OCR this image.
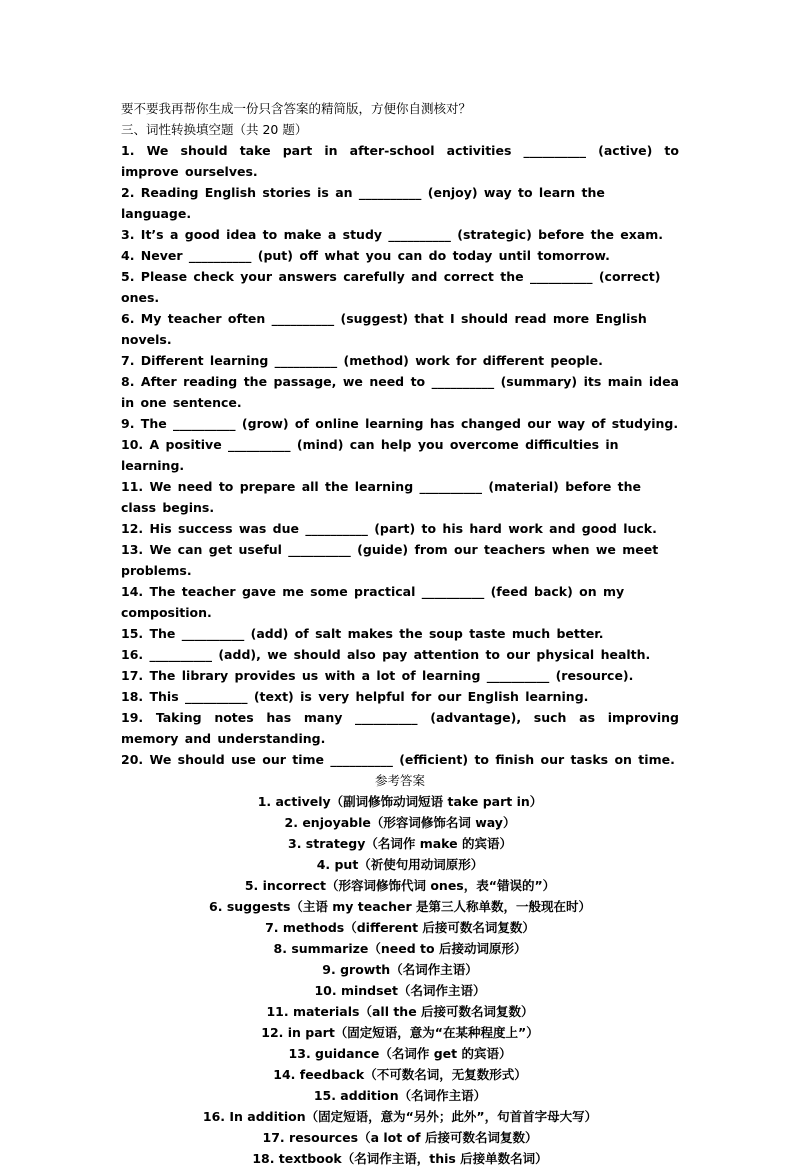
要不要我再帮你生成一份只含答案的精简版，方便你自测核对？
三、词性转换填空题（共 20 题）
1. We should take part in after-school activities __________ (active) to improve ourselves.
2. Reading English stories is an __________ (enjoy) way to learn the language.
3. It’s a good idea to make a study __________ (strategic) before the exam.
4. Never __________ (put) off what you can do today until tomorrow.
5. Please check your answers carefully and correct the __________ (correct) ones.
6. My teacher often __________ (suggest) that I should read more English novels.
7. Different learning __________ (method) work for different people.
8. After reading the passage, we need to __________ (summary) its main idea in one sentence.
9. The __________ (grow) of online learning has changed our way of studying.
10. A positive __________ (mind) can help you overcome difficulties in learning.
11. We need to prepare all the learning __________ (material) before the class begins.
12. His success was due __________ (part) to his hard work and good luck.
13. We can get useful __________ (guide) from our teachers when we meet problems.
14. The teacher gave me some practical __________ (feed back) on my composition.
15. The __________ (add) of salt makes the soup taste much better.
16. __________ (add), we should also pay attention to our physical health.
17. The library provides us with a lot of learning __________ (resource).
18. This __________ (text) is very helpful for our English learning.
19. Taking notes has many __________ (advantage), such as improving memory and understanding.
20. We should use our time __________ (efficient) to finish our tasks on time.
参考答案
1. actively（副词修饰动词短语 take part in）
2. enjoyable（形容词修饰名词 way）
3. strategy（名词作 make 的宾语）
4. put（祈使句用动词原形）
5. incorrect（形容词修饰代词 ones，表“错误的”）
6. suggests（主语 my teacher 是第三人称单数，一般现在时）
7. methods（different 后接可数名词复数）
8. summarize（need to 后接动词原形）
9. growth（名词作主语）
10. mindset（名词作主语）
11. materials（all the 后接可数名词复数）
12. in part（固定短语，意为“在某种程度上”）
13. guidance（名词作 get 的宾语）
14. feedback（不可数名词，无复数形式）
15. addition（名词作主语）
16. In addition（固定短语，意为“另外；此外”，句首首字母大写）
17. resources（a lot of 后接可数名词复数）
18. textbook（名词作主语，this 后接单数名词）
